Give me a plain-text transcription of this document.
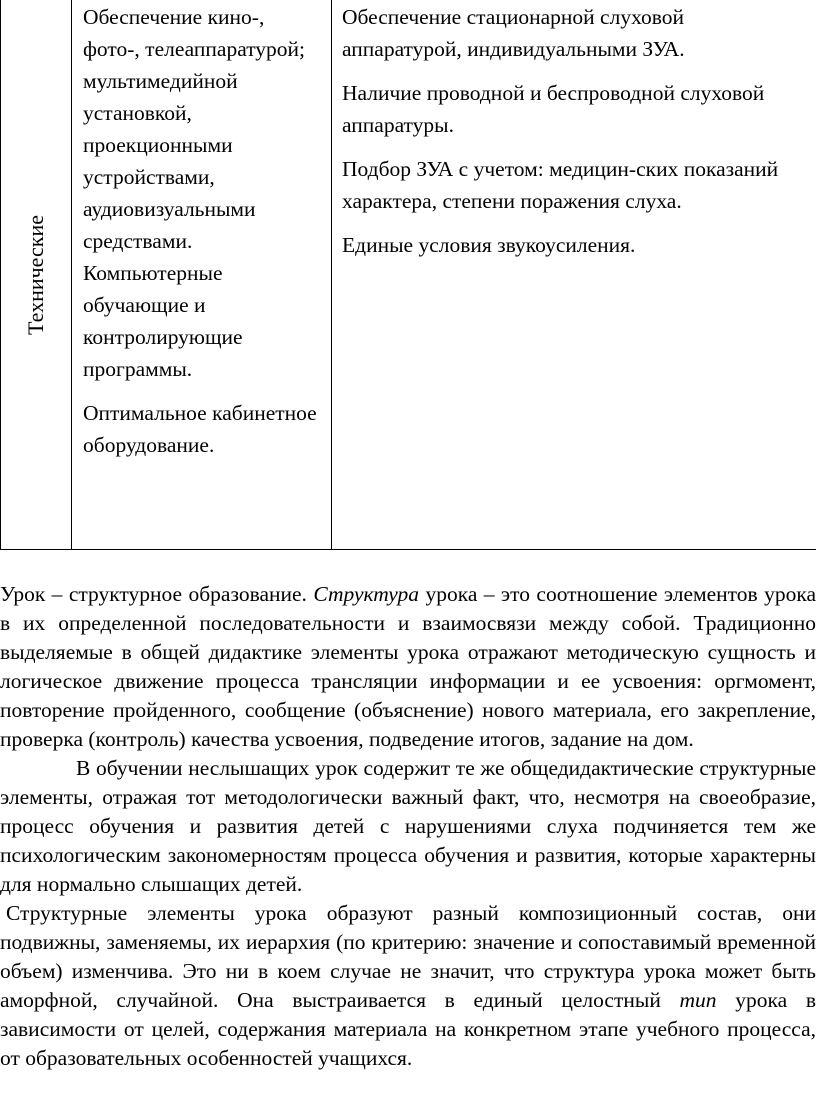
Технические

Обеспечение кино-, фото-, телеаппаратурой; мультимедийной установкой, проекционными устройствами, аудиовизуальными средствами. Компьютерные обучающие и контролирующие программы.

Оптимальное кабинетное оборудование.

Обеспечение стационарной слуховой
аппаратурой, индивидуальными ЗУА.

Наличие проводной и беспроводной слуховой
аппаратуры.

Подбор ЗУА с учетом: медицин-ских показаний
характера, степени поражения слуха.

Единые условия звукоусиления.

Урок – структурное образование. Структура урока – это соотношение элементов урока в их определенной последовательности и взаимосвязи между собой. Традиционно выделяемые в общей дидактике элементы урока отражают методическую сущность и логическое движение процесса трансляции информации и ее усвоения: оргмомент, повторение пройденного, сообщение (объяснение) нового материала, его закрепление, проверка (контроль) качества усвоения, подведение итогов, задание на дом.

В обучении неслышащих урок содержит те же общедидактические структурные элементы, отражая тот методологически важный факт, что, несмотря на своеобразие, процесс обучения и развития детей с нарушениями слуха подчиняется тем же психологическим закономерностям процесса обучения и развития, которые характерны для нормально слышащих детей.

Структурные элементы урока образуют разный композиционный состав, они подвижны, заменяемы, их иерархия (по критерию: значение и сопоставимый временной объем) изменчива. Это ни в коем случае не значит, что структура урока может быть аморфной, случайной. Она выстраивается в единый целостный тип урока в зависимости от целей, содержания материала на конкретном этапе учебного процесса, от образовательных особенностей учащихся.
